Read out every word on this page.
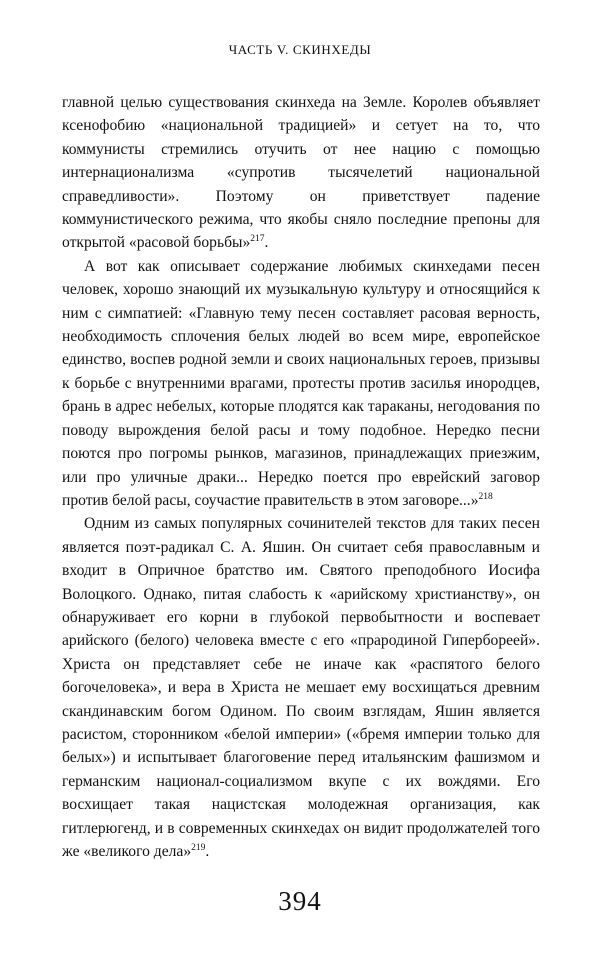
ЧАСТЬ V. СКИНХЕДЫ

главной целью существования скинхеда на Земле. Королев объявляет ксенофобию «национальной традицией» и сетует на то, что коммунисты стремились отучить от нее нацию с помощью интернационализма «супротив тысячелетий национальной справедливости». Поэтому он приветствует падение коммунистического режима, что якобы сняло последние препоны для открытой «расовой борьбы»$^{217}$.

А вот как описывает содержание любимых скинхедами песен человек, хорошо знающий их музыкальную культуру и относящийся к ним с симпатией: «Главную тему песен составляет расовая верность, необходимость сплочения белых людей во всем мире, европейское единство, воспев родной земли и своих национальных героев, призывы к борьбе с внутренними врагами, протесты против засилья инородцев, брань в адрес небелых, которые плодятся как тараканы, негодования по поводу вырождения белой расы и тому подобное. Нередко песни поются про погромы рынков, магазинов, принадлежащих приезжим, или про уличные драки... Нередко поется про еврейский заговор против белой расы, соучастие правительств в этом заговоре...»$^{218}$

Одним из самых популярных сочинителей текстов для таких песен является поэт-радикал С. А. Яшин. Он считает себя православным и входит в Опричное братство им. Святого преподобного Иосифа Волоцкого. Однако, питая слабость к «арийскому христианству», он обнаруживает его корни в глубокой первобытности и воспевает арийского (белого) человека вместе с его «прародиной Гипербореей». Христа он представляет себе не иначе как «распятого белого богочеловека», и вера в Христа не мешает ему восхищаться древним скандинавским богом Одином. По своим взглядам, Яшин является расистом, сторонником «белой империи» («бремя империи только для белых») и испытывает благоговение перед итальянским фашизмом и германским национал-социализмом вкупе с их вождями. Его восхищает такая нацистская молодежная организация, как гитлерюгенд, и в современных скинхедах он видит продолжателей того же «великого дела»$^{219}$.

394
